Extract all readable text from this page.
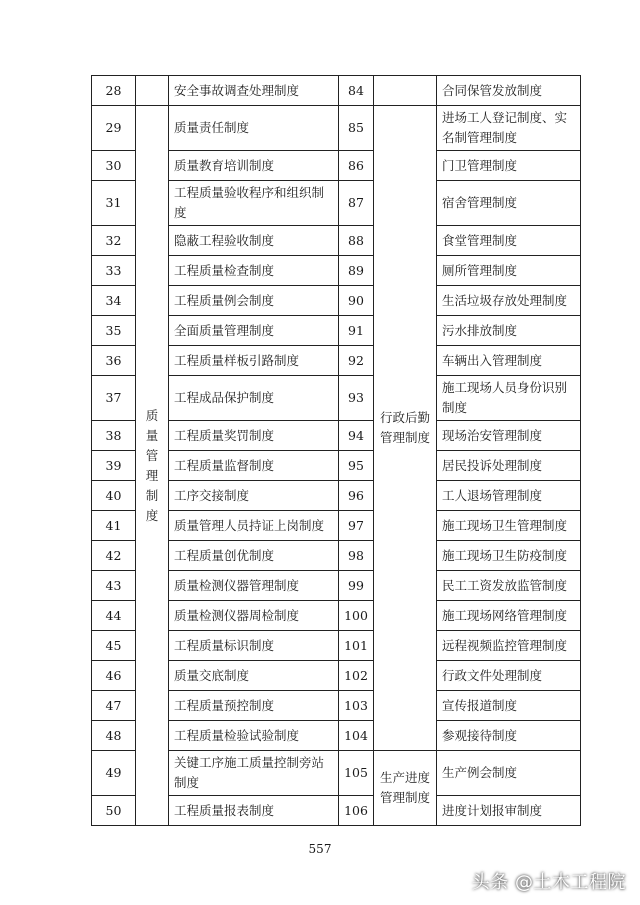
28		安全事故调查处理制度	84		合同保管发放制度
29	质量管理制度	质量责任制度	85	行政后勤管理制度	进场工人登记制度、实名制管理制度
30		质量教育培训制度	86		门卫管理制度
31		工程质量验收程序和组织制度	87		宿舍管理制度
32		隐蔽工程验收制度	88		食堂管理制度
33		工程质量检查制度	89		厕所管理制度
34		工程质量例会制度	90		生活垃圾存放处理制度
35		全面质量管理制度	91		污水排放制度
36		工程质量样板引路制度	92		车辆出入管理制度
37		工程成品保护制度	93		施工现场人员身份识别制度
38		工程质量奖罚制度	94		现场治安管理制度
39		工程质量监督制度	95		居民投诉处理制度
40		工序交接制度	96		工人退场管理制度
41		质量管理人员持证上岗制度	97		施工现场卫生管理制度
42		工程质量创优制度	98		施工现场卫生防疫制度
43		质量检测仪器管理制度	99		民工工资发放监管制度
44		质量检测仪器周检制度	100		施工现场网络管理制度
45		工程质量标识制度	101		远程视频监控管理制度
46		质量交底制度	102		行政文件处理制度
47		工程质量预控制度	103		宣传报道制度
48		工程质量检验试验制度	104		参观接待制度
49		关键工序施工质量控制旁站制度	105	生产进度管理制度	生产例会制度
50		工程质量报表制度	106		进度计划报审制度
557
头条 @土木工程院
